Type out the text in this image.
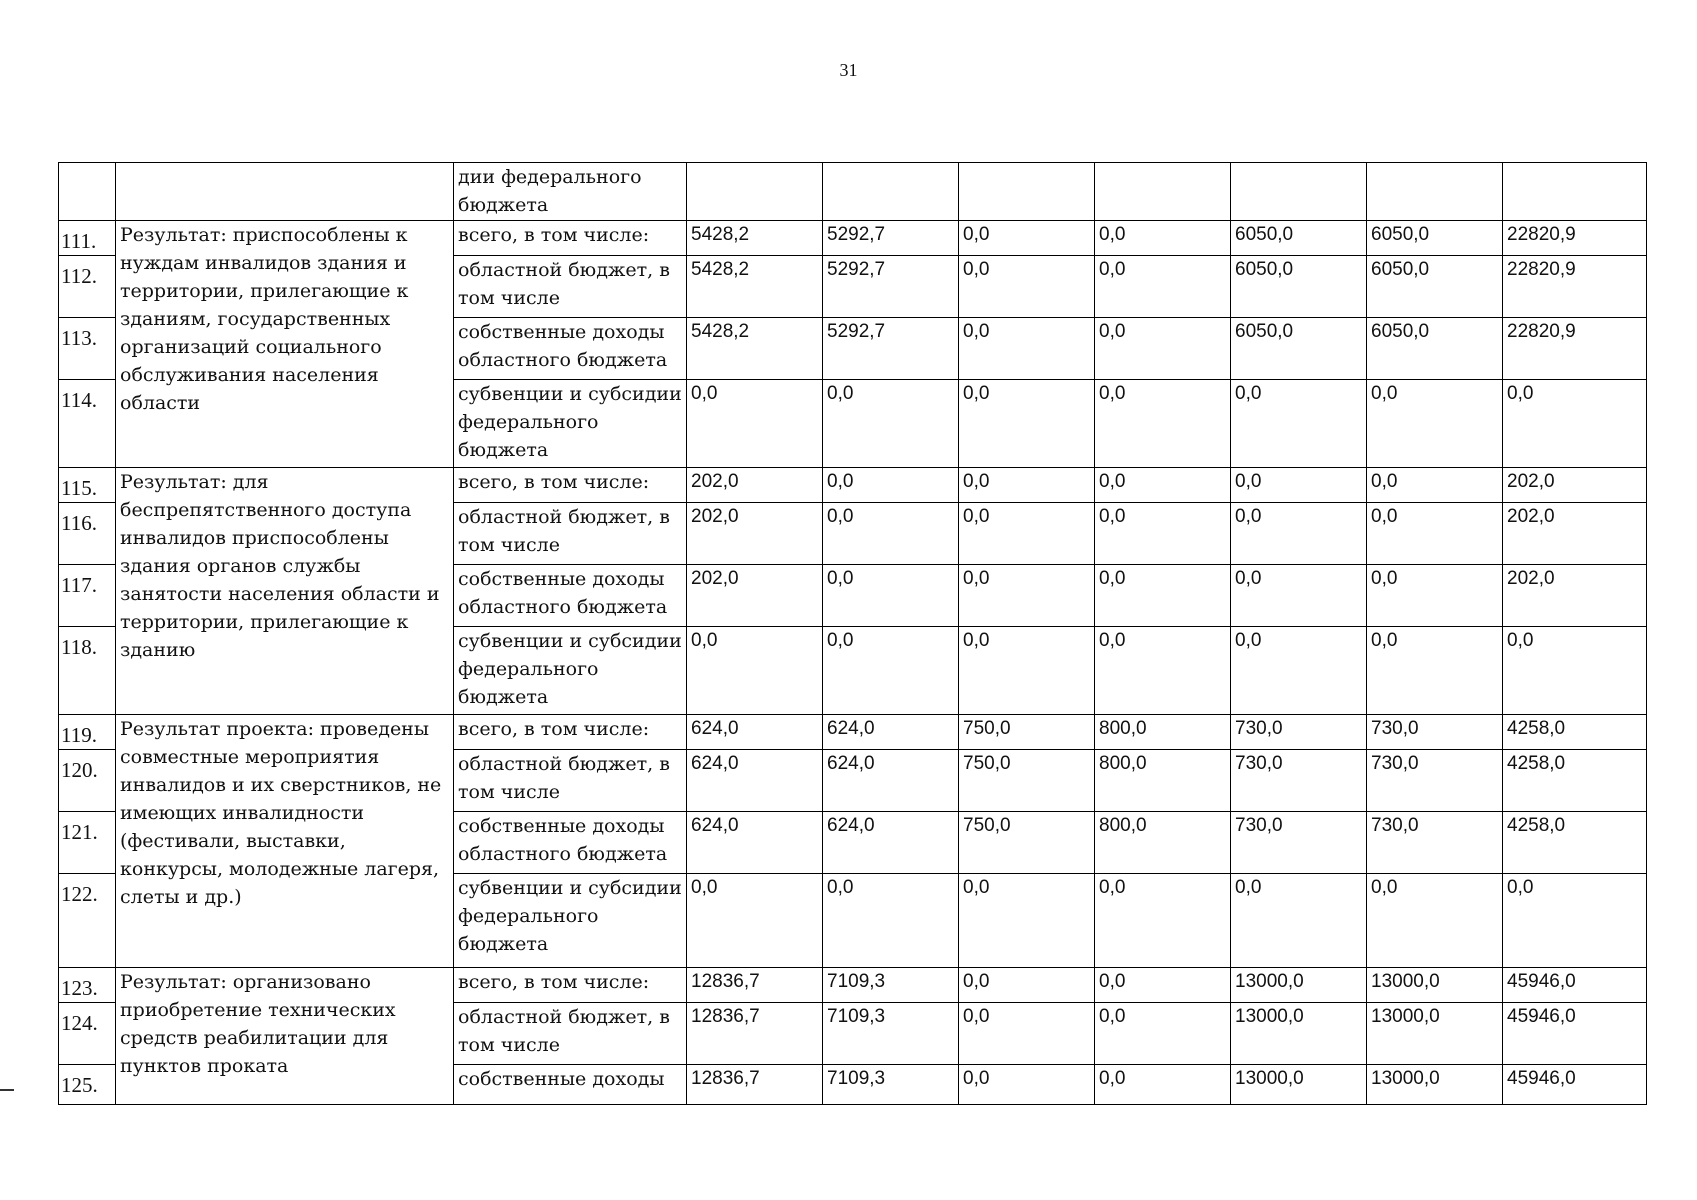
31
		дии федерального бюджета							
111.	Результат: приспособлены к нуждам инвалидов здания и территории, прилегающие к зданиям, государственных организаций социального обслуживания населения области	всего, в том числе:	5428,2	5292,7	0,0	0,0	6050,0	6050,0	22820,9
112.		областной бюджет, в том числе	5428,2	5292,7	0,0	0,0	6050,0	6050,0	22820,9
113.		собственные доходы областного бюджета	5428,2	5292,7	0,0	0,0	6050,0	6050,0	22820,9
114.		субвенции и субсидии федерального бюджета	0,0	0,0	0,0	0,0	0,0	0,0	0,0
115.	Результат: для беспрепятственного доступа инвалидов приспособлены здания органов службы занятости населения области и территории, прилегающие к зданию	всего, в том числе:	202,0	0,0	0,0	0,0	0,0	0,0	202,0
116.		областной бюджет, в том числе	202,0	0,0	0,0	0,0	0,0	0,0	202,0
117.		собственные доходы областного бюджета	202,0	0,0	0,0	0,0	0,0	0,0	202,0
118.		субвенции и субсидии федерального бюджета	0,0	0,0	0,0	0,0	0,0	0,0	0,0
119.	Результат проекта: проведены совместные мероприятия инвалидов и их сверстников, не имеющих инвалидности (фестивали, выставки, конкурсы, молодежные лагеря, слеты и др.)	всего, в том числе:	624,0	624,0	750,0	800,0	730,0	730,0	4258,0
120.		областной бюджет, в том числе	624,0	624,0	750,0	800,0	730,0	730,0	4258,0
121.		собственные доходы областного бюджета	624,0	624,0	750,0	800,0	730,0	730,0	4258,0
122.		субвенции и субсидии федерального бюджета	0,0	0,0	0,0	0,0	0,0	0,0	0,0
123.	Результат: организовано приобретение технических средств реабилитации для пунктов проката	всего, в том числе:	12836,7	7109,3	0,0	0,0	13000,0	13000,0	45946,0
124.		областной бюджет, в том числе	12836,7	7109,3	0,0	0,0	13000,0	13000,0	45946,0
125.		собственные доходы	12836,7	7109,3	0,0	0,0	13000,0	13000,0	45946,0
